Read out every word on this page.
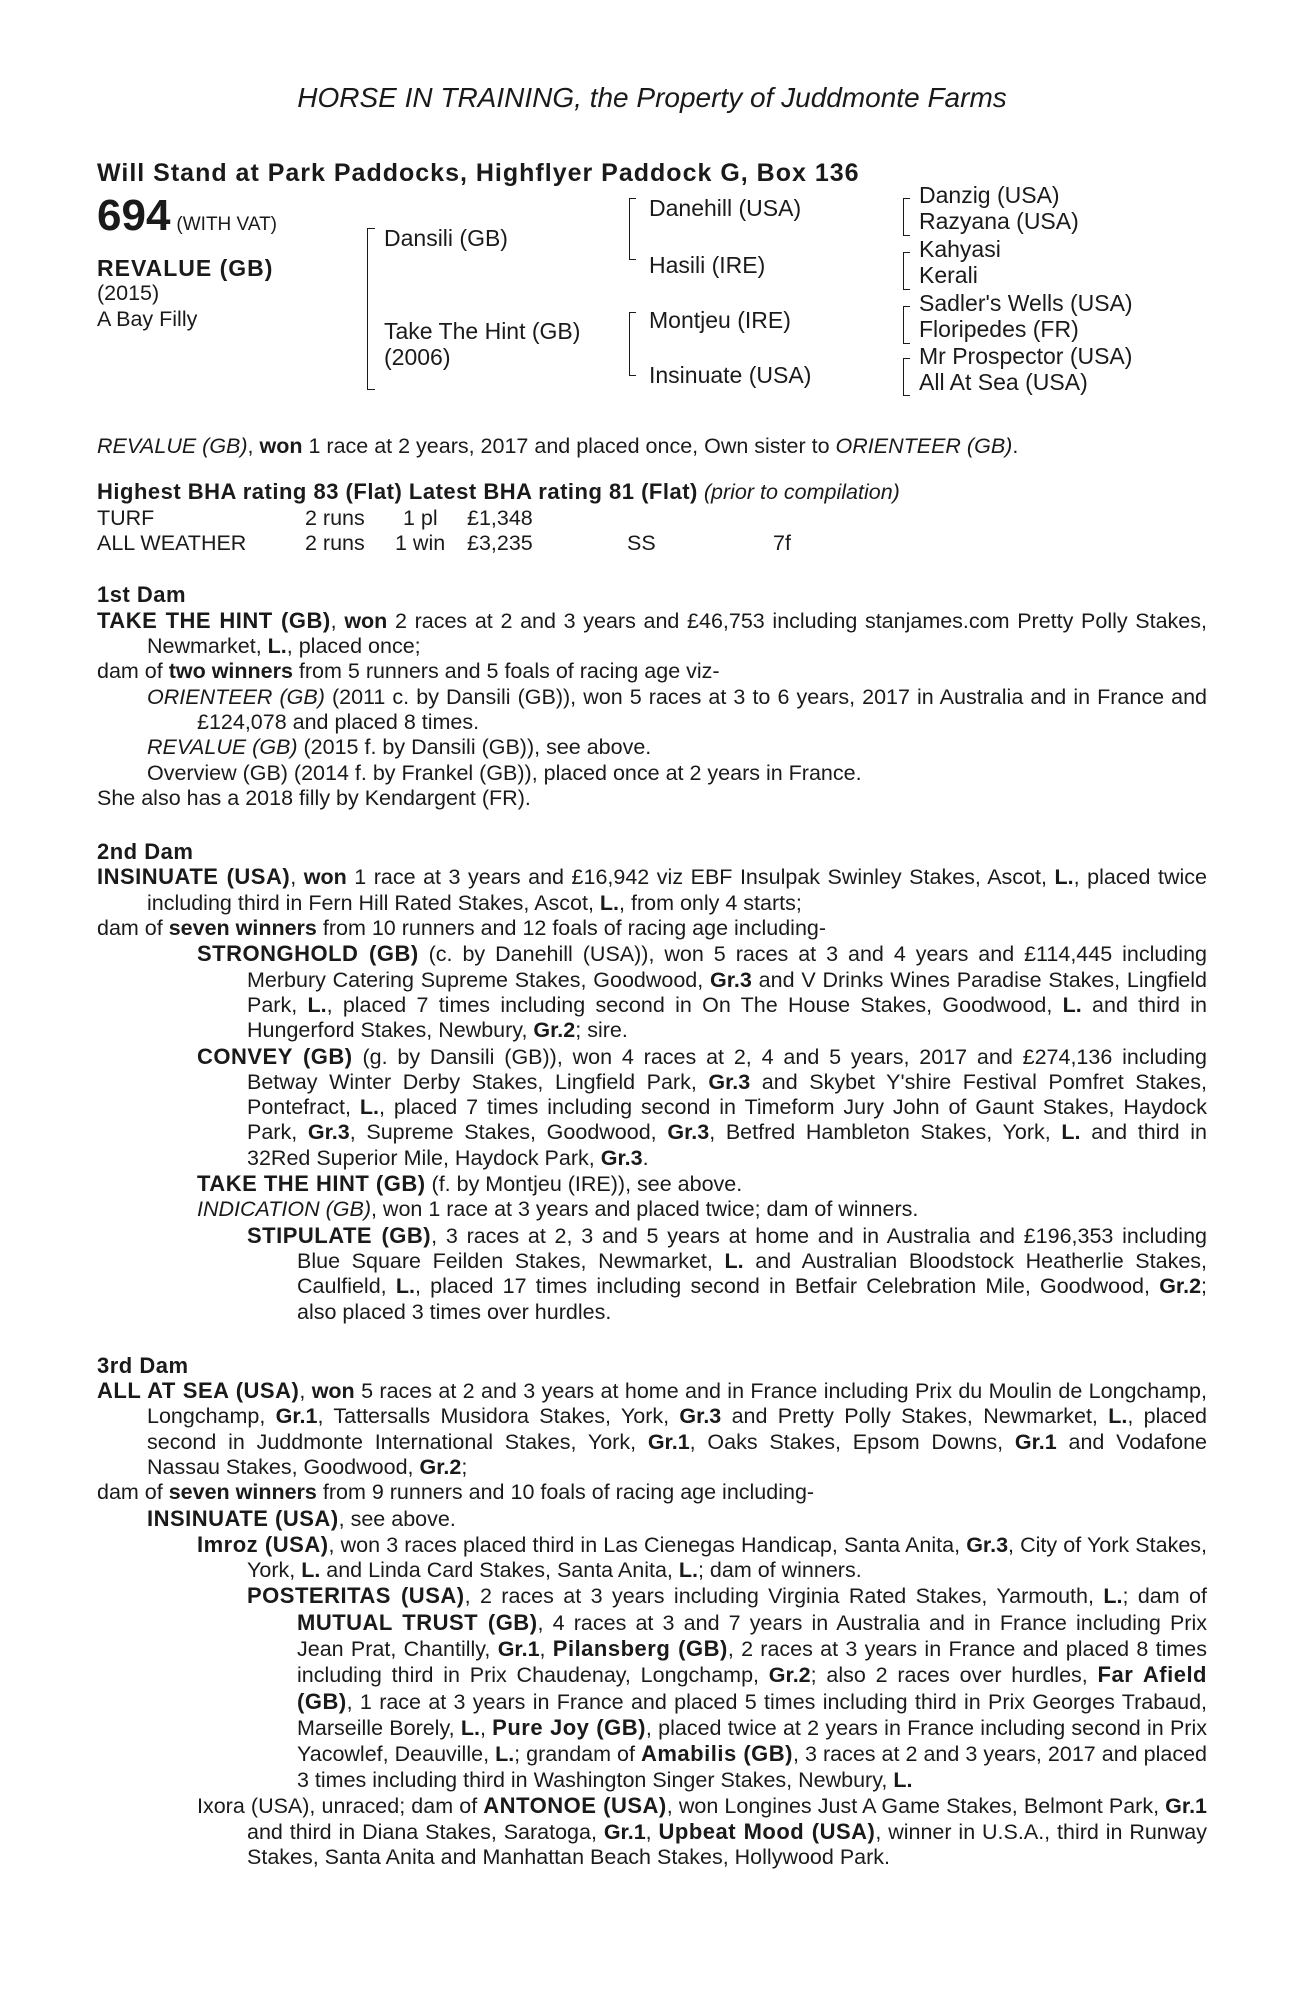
HORSE IN TRAINING, the Property of Juddmonte Farms
Will Stand at Park Paddocks, Highflyer Paddock G, Box 136
694 (WITH VAT)
REVALUE (GB)
(2015)
A Bay Filly
Dansili (GB)
Take The Hint (GB)
(2006)
Danehill (USA)
Hasili (IRE)
Montjeu (IRE)
Insinuate (USA)
Danzig (USA)
Razyana (USA)
Kahyasi
Kerali
Sadler's Wells (USA)
Floripedes (FR)
Mr Prospector (USA)
All At Sea (USA)

REVALUE (GB), won 1 race at 2 years, 2017 and placed once, Own sister to ORIENTEER (GB).

Highest BHA rating 83 (Flat) Latest BHA rating 81 (Flat) (prior to compilation)

TURF	2 runs	1 pl	£1,348
ALL WEATHER	2 runs	1 win	£3,235	SS	7f
1st Dam

TAKE THE HINT (GB), won 2 races at 2 and 3 years and £46,753 including stanjames.com Pretty Polly Stakes, Newmarket, L., placed once;

dam of two winners from 5 runners and 5 foals of racing age viz-

ORIENTEER (GB) (2011 c. by Dansili (GB)), won 5 races at 3 to 6 years, 2017 in Australia and in France and £124,078 and placed 8 times.

REVALUE (GB) (2015 f. by Dansili (GB)), see above.

Overview (GB) (2014 f. by Frankel (GB)), placed once at 2 years in France.

She also has a 2018 filly by Kendargent (FR).

2nd Dam

INSINUATE (USA), won 1 race at 3 years and £16,942 viz EBF Insulpak Swinley Stakes, Ascot, L., placed twice including third in Fern Hill Rated Stakes, Ascot, L., from only 4 starts;

dam of seven winners from 10 runners and 12 foals of racing age including-

STRONGHOLD (GB) (c. by Danehill (USA)), won 5 races at 3 and 4 years and £114,445 including Merbury Catering Supreme Stakes, Goodwood, Gr.3 and V Drinks Wines Paradise Stakes, Lingfield Park, L., placed 7 times including second in On The House Stakes, Goodwood, L. and third in Hungerford Stakes, Newbury, Gr.2; sire.

CONVEY (GB) (g. by Dansili (GB)), won 4 races at 2, 4 and 5 years, 2017 and £274,136 including Betway Winter Derby Stakes, Lingfield Park, Gr.3 and Skybet Y'shire Festival Pomfret Stakes, Pontefract, L., placed 7 times including second in Timeform Jury John of Gaunt Stakes, Haydock Park, Gr.3, Supreme Stakes, Goodwood, Gr.3, Betfred Hambleton Stakes, York, L. and third in 32Red Superior Mile, Haydock Park, Gr.3.

TAKE THE HINT (GB) (f. by Montjeu (IRE)), see above.

INDICATION (GB), won 1 race at 3 years and placed twice; dam of winners.

STIPULATE (GB), 3 races at 2, 3 and 5 years at home and in Australia and £196,353 including Blue Square Feilden Stakes, Newmarket, L. and Australian Bloodstock Heatherlie Stakes, Caulfield, L., placed 17 times including second in Betfair Celebration Mile, Goodwood, Gr.2; also placed 3 times over hurdles.

3rd Dam

ALL AT SEA (USA), won 5 races at 2 and 3 years at home and in France including Prix du Moulin de Longchamp, Longchamp, Gr.1, Tattersalls Musidora Stakes, York, Gr.3 and Pretty Polly Stakes, Newmarket, L., placed second in Juddmonte International Stakes, York, Gr.1, Oaks Stakes, Epsom Downs, Gr.1 and Vodafone Nassau Stakes, Goodwood, Gr.2;

dam of seven winners from 9 runners and 10 foals of racing age including-

INSINUATE (USA), see above.

Imroz (USA), won 3 races placed third in Las Cienegas Handicap, Santa Anita, Gr.3, City of York Stakes, York, L. and Linda Card Stakes, Santa Anita, L.; dam of winners.

POSTERITAS (USA), 2 races at 3 years including Virginia Rated Stakes, Yarmouth, L.; dam of MUTUAL TRUST (GB), 4 races at 3 and 7 years in Australia and in France including Prix Jean Prat, Chantilly, Gr.1, Pilansberg (GB), 2 races at 3 years in France and placed 8 times including third in Prix Chaudenay, Longchamp, Gr.2; also 2 races over hurdles, Far Afield (GB), 1 race at 3 years in France and placed 5 times including third in Prix Georges Trabaud, Marseille Borely, L., Pure Joy (GB), placed twice at 2 years in France including second in Prix Yacowlef, Deauville, L.; grandam of Amabilis (GB), 3 races at 2 and 3 years, 2017 and placed 3 times including third in Washington Singer Stakes, Newbury, L.

Ixora (USA), unraced; dam of ANTONOE (USA), won Longines Just A Game Stakes, Belmont Park, Gr.1 and third in Diana Stakes, Saratoga, Gr.1, Upbeat Mood (USA), winner in U.S.A., third in Runway Stakes, Santa Anita and Manhattan Beach Stakes, Hollywood Park.
